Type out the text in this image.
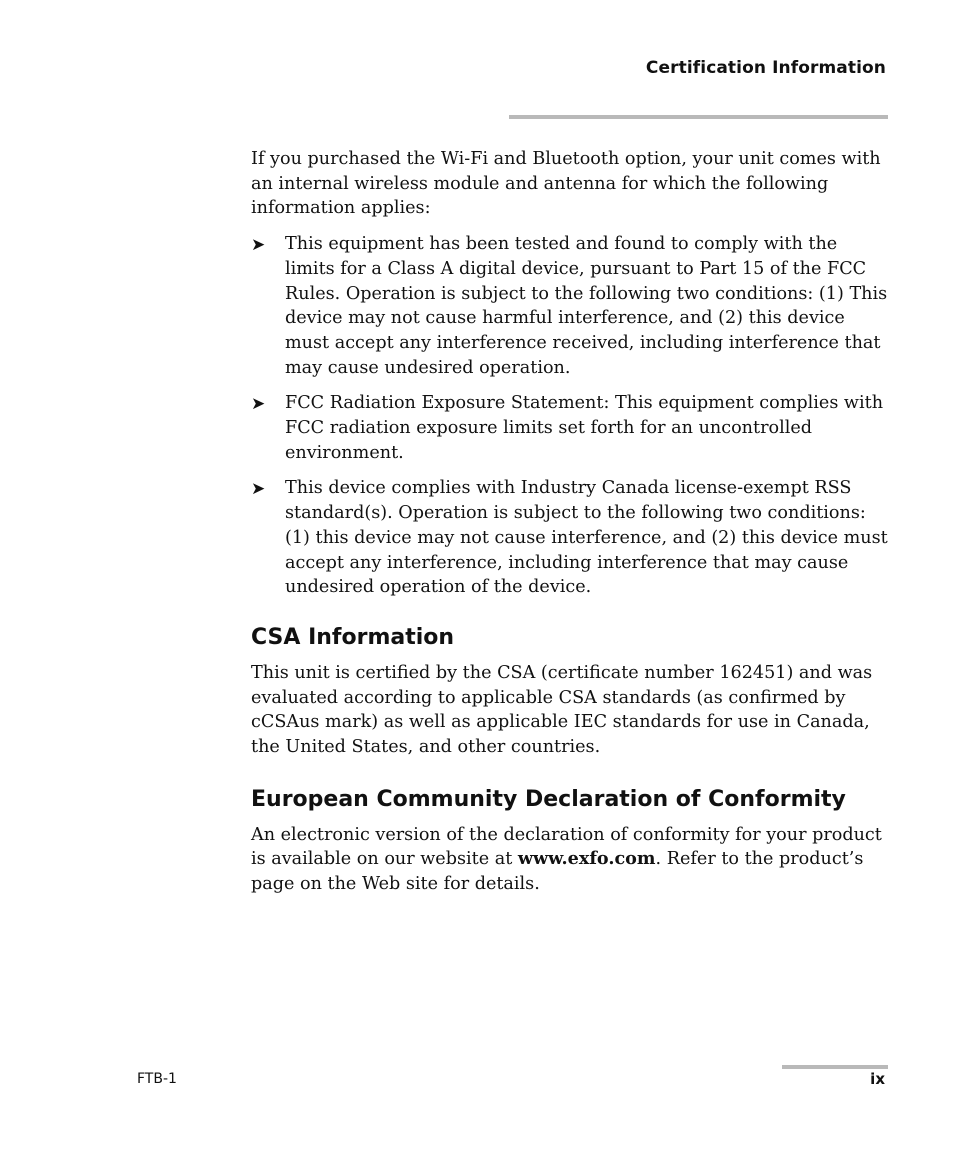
Certification Information

If you purchased the Wi-Fi and Bluetooth option, your unit comes with an internal wireless module and antenna for which the following information applies:

➤ This equipment has been tested and found to comply with the limits for a Class A digital device, pursuant to Part 15 of the FCC Rules. Operation is subject to the following two conditions: (1) This device may not cause harmful interference, and (2) this device must accept any interference received, including interference that may cause undesired operation.
➤ FCC Radiation Exposure Statement: This equipment complies with FCC radiation exposure limits set forth for an uncontrolled environment.
➤ This device complies with Industry Canada license-exempt RSS standard(s). Operation is subject to the following two conditions: (1) this device may not cause interference, and (2) this device must accept any interference, including interference that may cause undesired operation of the device.
CSA Information

This unit is certified by the CSA (certificate number 162451) and was evaluated according to applicable CSA standards (as confirmed by cCSAus mark) as well as applicable IEC standards for use in Canada, the United States, and other countries.

European Community Declaration of Conformity

An electronic version of the declaration of conformity for your product is available on our website at www.exfo.com. Refer to the product’s page on the Web site for details.

FTB-1	ix
